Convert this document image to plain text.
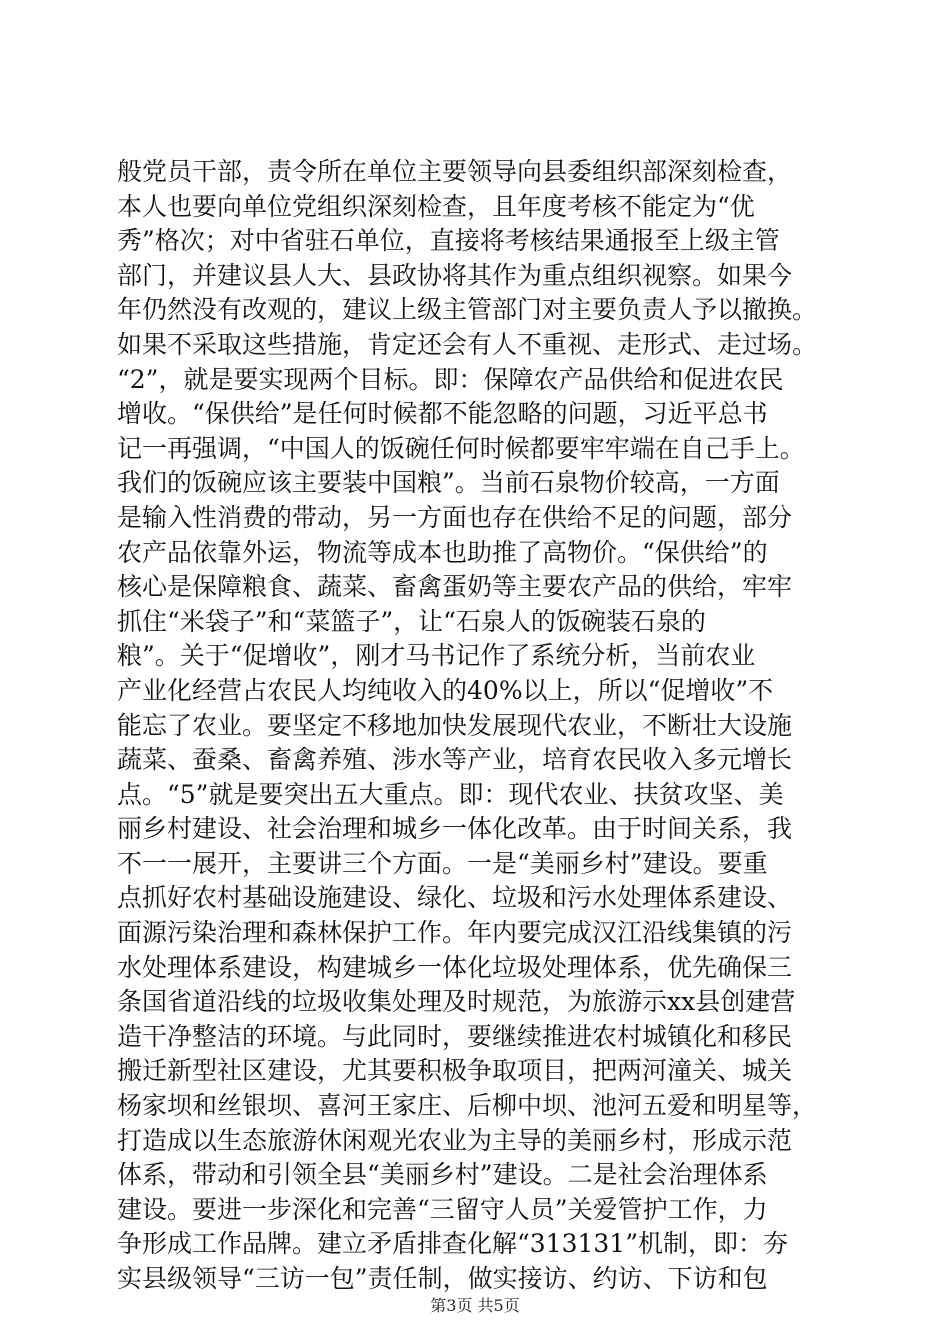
般党员干部，责令所在单位主要领导向县委组织部深刻检查，
本人也要向单位党组织深刻检查，且年度考核不能定为“优
秀”格次；对中省驻石单位，直接将考核结果通报至上级主管
部门，并建议县人大、县政协将其作为重点组织视察。如果今
年仍然没有改观的，建议上级主管部门对主要负责人予以撤换。
如果不采取这些措施，肯定还会有人不重视、走形式、走过场。
“2”，就是要实现两个目标。即：保障农产品供给和促进农民
增收。“保供给”是任何时候都不能忽略的问题，习近平总书
记一再强调，“中国人的饭碗任何时候都要牢牢端在自己手上。
我们的饭碗应该主要装中国粮”。当前石泉物价较高，一方面
是输入性消费的带动，另一方面也存在供给不足的问题，部分
农产品依靠外运，物流等成本也助推了高物价。“保供给”的
核心是保障粮食、蔬菜、畜禽蛋奶等主要农产品的供给，牢牢
抓住“米袋子”和“菜篮子”，让“石泉人的饭碗装石泉的
粮”。关于“促增收”，刚才马书记作了系统分析，当前农业
产业化经营占农民人均纯收入的40%以上，所以“促增收”不
能忘了农业。要坚定不移地加快发展现代农业，不断壮大设施
蔬菜、蚕桑、畜禽养殖、涉水等产业，培育农民收入多元增长
点。“5”就是要突出五大重点。即：现代农业、扶贫攻坚、美
丽乡村建设、社会治理和城乡一体化改革。由于时间关系，我
不一一展开，主要讲三个方面。一是“美丽乡村”建设。要重
点抓好农村基础设施建设、绿化、垃圾和污水处理体系建设、
面源污染治理和森林保护工作。年内要完成汉江沿线集镇的污
水处理体系建设，构建城乡一体化垃圾处理体系，优先确保三
条国省道沿线的垃圾收集处理及时规范，为旅游示xx县创建营
造干净整洁的环境。与此同时，要继续推进农村城镇化和移民
搬迁新型社区建设，尤其要积极争取项目，把两河潼关、城关
杨家坝和丝银坝、喜河王家庄、后柳中坝、池河五爱和明星等，
打造成以生态旅游休闲观光农业为主导的美丽乡村，形成示范
体系，带动和引领全县“美丽乡村”建设。二是社会治理体系
建设。要进一步深化和完善“三留守人员”关爱管护工作，力
争形成工作品牌。建立矛盾排查化解“313131”机制，即：夯
实县级领导“三访一包”责任制，做实接访、约访、下访和包
第3页 共5页
